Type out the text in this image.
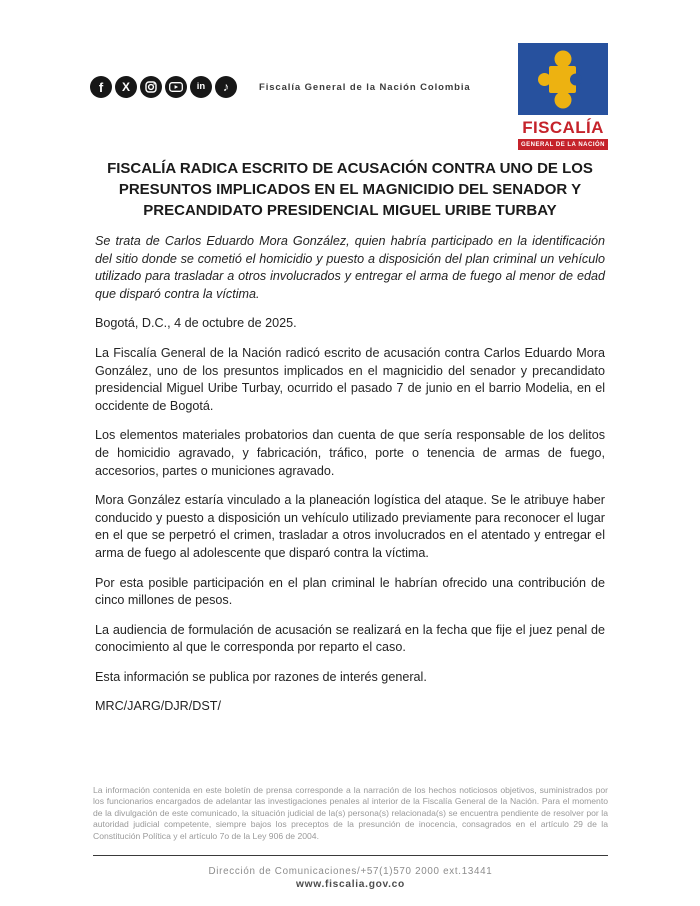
f	X	in	♪	Fiscalía General de la Nación Colombia
FISCALÍA
GENERAL DE LA NACIÓN
FISCALÍA RADICA ESCRITO DE ACUSACIÓN CONTRA UNO DE LOS PRESUNTOS IMPLICADOS EN EL MAGNICIDIO DEL SENADOR Y PRECANDIDATO PRESIDENCIAL MIGUEL URIBE TURBAY

Se trata de Carlos Eduardo Mora González, quien habría participado en la identificación del sitio donde se cometió el homicidio y puesto a disposición del plan criminal un vehículo utilizado para trasladar a otros involucrados y entregar el arma de fuego al menor de edad que disparó contra la víctima.

Bogotá, D.C., 4 de octubre de 2025.

La Fiscalía General de la Nación radicó escrito de acusación contra Carlos Eduardo Mora González, uno de los presuntos implicados en el magnicidio del senador y precandidato presidencial Miguel Uribe Turbay, ocurrido el pasado 7 de junio en el barrio Modelia, en el occidente de Bogotá.

Los elementos materiales probatorios dan cuenta de que sería responsable de los delitos de homicidio agravado, y fabricación, tráfico, porte o tenencia de armas de fuego, accesorios, partes o municiones agravado.

Mora González estaría vinculado a la planeación logística del ataque. Se le atribuye haber conducido y puesto a disposición un vehículo utilizado previamente para reconocer el lugar en el que se perpetró el crimen, trasladar a otros involucrados en el atentado y entregar el arma de fuego al adolescente que disparó contra la víctima.

Por esta posible participación en el plan criminal le habrían ofrecido una contribución de cinco millones de pesos.

La audiencia de formulación de acusación se realizará en la fecha que fije el juez penal de conocimiento al que le corresponda por reparto el caso.

Esta información se publica por razones de interés general.

MRC/JARG/DJR/DST/

La información contenida en este boletín de prensa corresponde a la narración de los hechos noticiosos objetivos, suministrados por los funcionarios encargados de adelantar las investigaciones penales al interior de la Fiscalía General de la Nación. Para el momento de la divulgación de este comunicado, la situación judicial de la(s) persona(s) relacionada(s) se encuentra pendiente de resolver por la autoridad judicial competente, siempre bajos los preceptos de la presunción de inocencia, consagrados en el artículo 29 de la Constitución Política y el artículo 7o de la Ley 906 de 2004.
Dirección de Comunicaciones/+57(1)570 2000 ext.13441
www.fiscalia.gov.co
